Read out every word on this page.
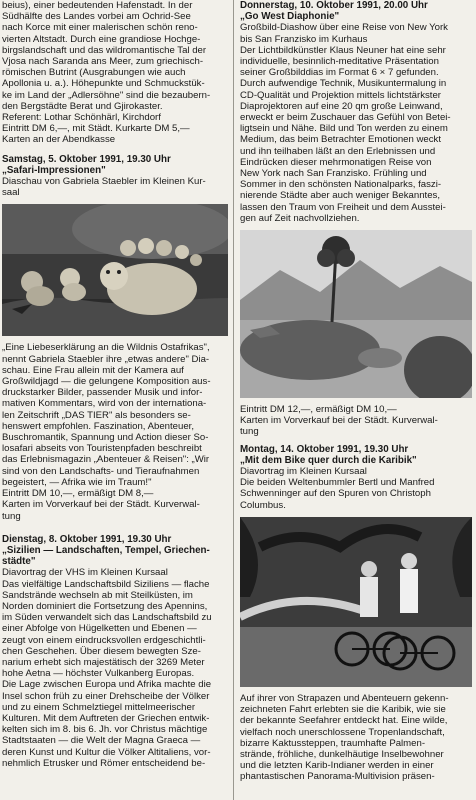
beius), einer bedeutenden Hafenstadt. In der

Südhälfte des Landes vorbei am Ochrid-See

nach Korce mit einer malerischen schön reno-

vierten Altstadt. Durch eine grandiose Hochge-

birgslandschaft und das wildromantische Tal der

Vjosa nach Saranda ans Meer, zum griechisch-

römischen Butrint (Ausgrabungen wie auch

Apollonia u. a.). Höhepunkte und Schmuckstük-

ke im Land der „Adlersöhne" sind die bezaubern-

den Bergstädte Berat und Gjirokaster.

Referent: Lothar Schönhärl, Kirchdorf

Eintritt DM 6,—, mit Städt. Kurkarte DM 5,—

Karten an der Abendkasse

Samstag, 5. Oktober 1991, 19.30 Uhr

„Safari-Impressionen"

Diaschau von Gabriela Staebler im Kleinen Kur-

saal

„Eine Liebeserklärung an die Wildnis Ostafrikas",

nennt Gabriela Staebler ihre „etwas andere" Dia-

schau. Eine Frau allein mit der Kamera auf

Großwildjagd — die gelungene Komposition aus-

druckstarker Bilder, passender Musik und infor-

mativen Kommentars, wird von der internationa-

len Zeitschrift „DAS TIER" als besonders se-

henswert empfohlen. Faszination, Abenteuer,

Buschromantik, Spannung und Action dieser So-

losafari abseits von Touristenpfaden beschreibt

das Erlebnismagazin „Abenteuer & Reisen": „Wir

sind von den Landschafts- und Tieraufnahmen

begeistert, — Afrika wie im Traum!"

Eintritt DM 10,—, ermäßigt DM 8,—

Karten im Vorverkauf bei der Städt. Kurverwal-

tung

Dienstag, 8. Oktober 1991, 19.30 Uhr

„Sizilien — Landschaften, Tempel, Griechen-

städte"

Diavortrag der VHS im Kleinen Kursaal

Das vielfältige Landschaftsbild Siziliens — flache

Sandstrände wechseln ab mit Steilküsten, im

Norden dominiert die Fortsetzung des Apennins,

im Süden verwandelt sich das Landschaftsbild zu

einer Abfolge von Hügelketten und Ebenen —

zeugt von einem eindrucksvollen erdgeschichtli-

chen Geschehen. Über diesem bewegten Sze-

narium erhebt sich majestätisch der 3269 Meter

hohe Aetna — höchster Vulkanberg Europas.

Die Lage zwischen Europa und Afrika machte die

Insel schon früh zu einer Drehscheibe der Völker

und zu einem Schmelztiegel mittelmeerischer

Kulturen. Mit dem Auftreten der Griechen entwik-

kelten sich im 8. bis 6. Jh. vor Christus mächtige

Stadtstaaten — die Welt der Magna Graeca —

deren Kunst und Kultur die Völker Altitaliens, vor-

nehmlich Etrusker und Römer entscheidend be-

Donnerstag, 10. Oktober 1991, 20.00 Uhr

„Go West Diaphonie"

Großbild-Diashow über eine Reise von New York

bis San Franzisko im Kurhaus

Der Lichtbildkünstler Klaus Neuner hat eine sehr

individuelle, besinnlich-meditative Präsentation

seiner Großbilddias im Format 6 × 7 gefunden.

Durch aufwendige Technik, Musikuntermalung in

CD-Qualität und Projektion mittels lichtstärkster

Diaprojektoren auf eine 20 qm große Leinwand,

erweckt er beim Zuschauer das Gefühl von Betei-

ligtsein und Nähe. Bild und Ton werden zu einem

Medium, das beim Betrachter Emotionen weckt

und ihn teilhaben läßt an den Erlebnissen und

Eindrücken dieser mehrmonatigen Reise von

New York nach San Franzisko. Frühling und

Sommer in den schönsten Nationalparks, faszi-

nierende Städte aber auch weniger Bekanntes,

lassen den Traum von Freiheit und dem Ausstei-

gen auf Zeit nachvollziehen.

Eintritt DM 12,—, ermäßigt DM 10,—

Karten im Vorverkauf bei der Städt. Kurverwal-

tung

Montag, 14. Oktober 1991, 19.30 Uhr

„Mit dem Bike quer durch die Karibik"

Diavortrag im Kleinen Kursaal

Die beiden Weltenbummler Bertl und Manfred

Schwenninger auf den Spuren von Christoph

Columbus.

Auf ihrer von Strapazen und Abenteuern gekenn-

zeichneten Fahrt erlebten sie die Karibik, wie sie

der bekannte Seefahrer entdeckt hat. Eine wilde,

vielfach noch unerschlossene Tropenlandschaft,

bizarre Kaktussteppen, traumhafte Palmen-

strände, fröhliche, dunkelhäutige Inselbewohner

und die letzten Karib-Indianer werden in einer

phantastischen Panorama-Multivision präsen-
